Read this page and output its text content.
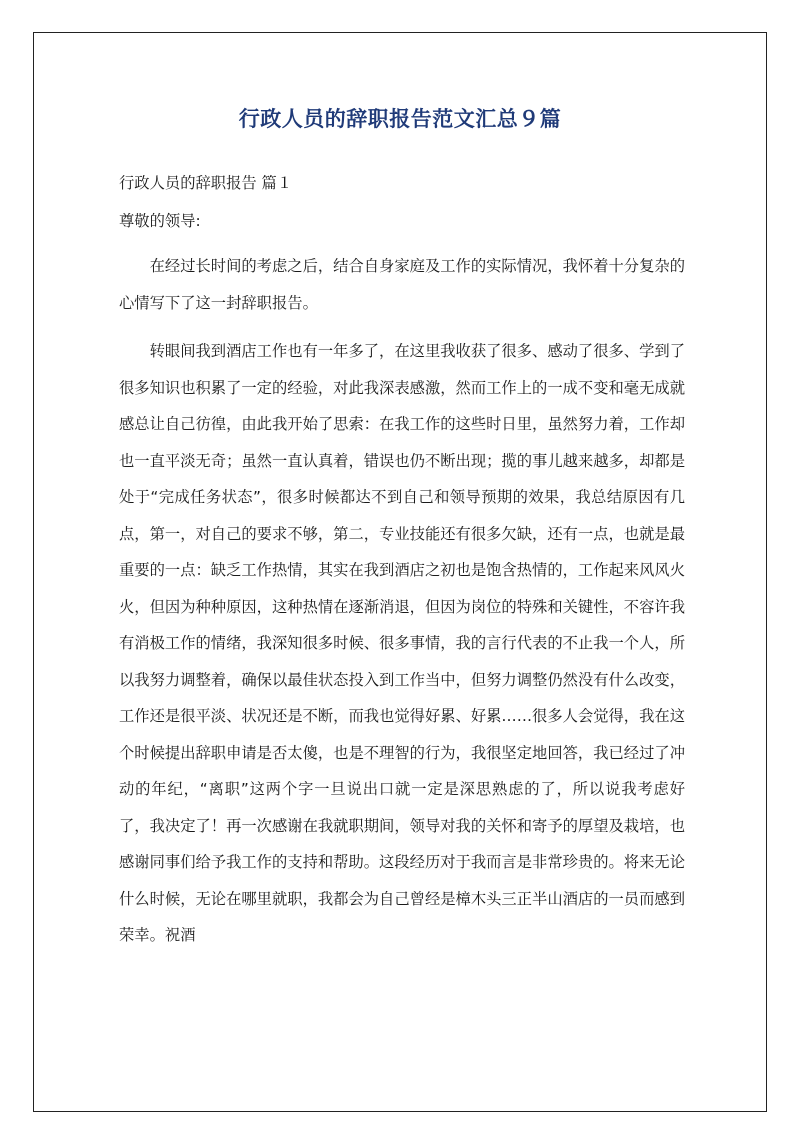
行政人员的辞职报告范文汇总９篇

行政人员的辞职报告 篇１

尊敬的领导:

在经过长时间的考虑之后，结合自身家庭及工作的实际情况，我怀着十分复杂的心情写下了这一封辞职报告。

转眼间我到酒店工作也有一年多了，在这里我收获了很多、感动了很多、学到了很多知识也积累了一定的经验，对此我深表感激，然而工作上的一成不变和毫无成就感总让自己彷徨，由此我开始了思索：在我工作的这些时日里，虽然努力着，工作却也一直平淡无奇；虽然一直认真着，错误也仍不断出现；揽的事儿越来越多，却都是处于“完成任务状态”，很多时候都达不到自己和领导预期的效果，我总结原因有几点，第一，对自己的要求不够，第二，专业技能还有很多欠缺，还有一点，也就是最重要的一点：缺乏工作热情，其实在我到酒店之初也是饱含热情的，工作起来风风火火，但因为种种原因，这种热情在逐渐消退，但因为岗位的特殊和关键性，不容许我有消极工作的情绪，我深知很多时候、很多事情，我的言行代表的不止我一个人，所以我努力调整着，确保以最佳状态投入到工作当中，但努力调整仍然没有什么改变，工作还是很平淡、状况还是不断，而我也觉得好累、好累……很多人会觉得，我在这个时候提出辞职申请是否太傻，也是不理智的行为，我很坚定地回答，我已经过了冲动的年纪，“离职”这两个字一旦说出口就一定是深思熟虑的了，所以说我考虑好了，我决定了！再一次感谢在我就职期间，领导对我的关怀和寄予的厚望及栽培，也感谢同事们给予我工作的支持和帮助。这段经历对于我而言是非常珍贵的。将来无论什么时候，无论在哪里就职，我都会为自己曾经是樟木头三正半山酒店的一员而感到荣幸。祝酒
